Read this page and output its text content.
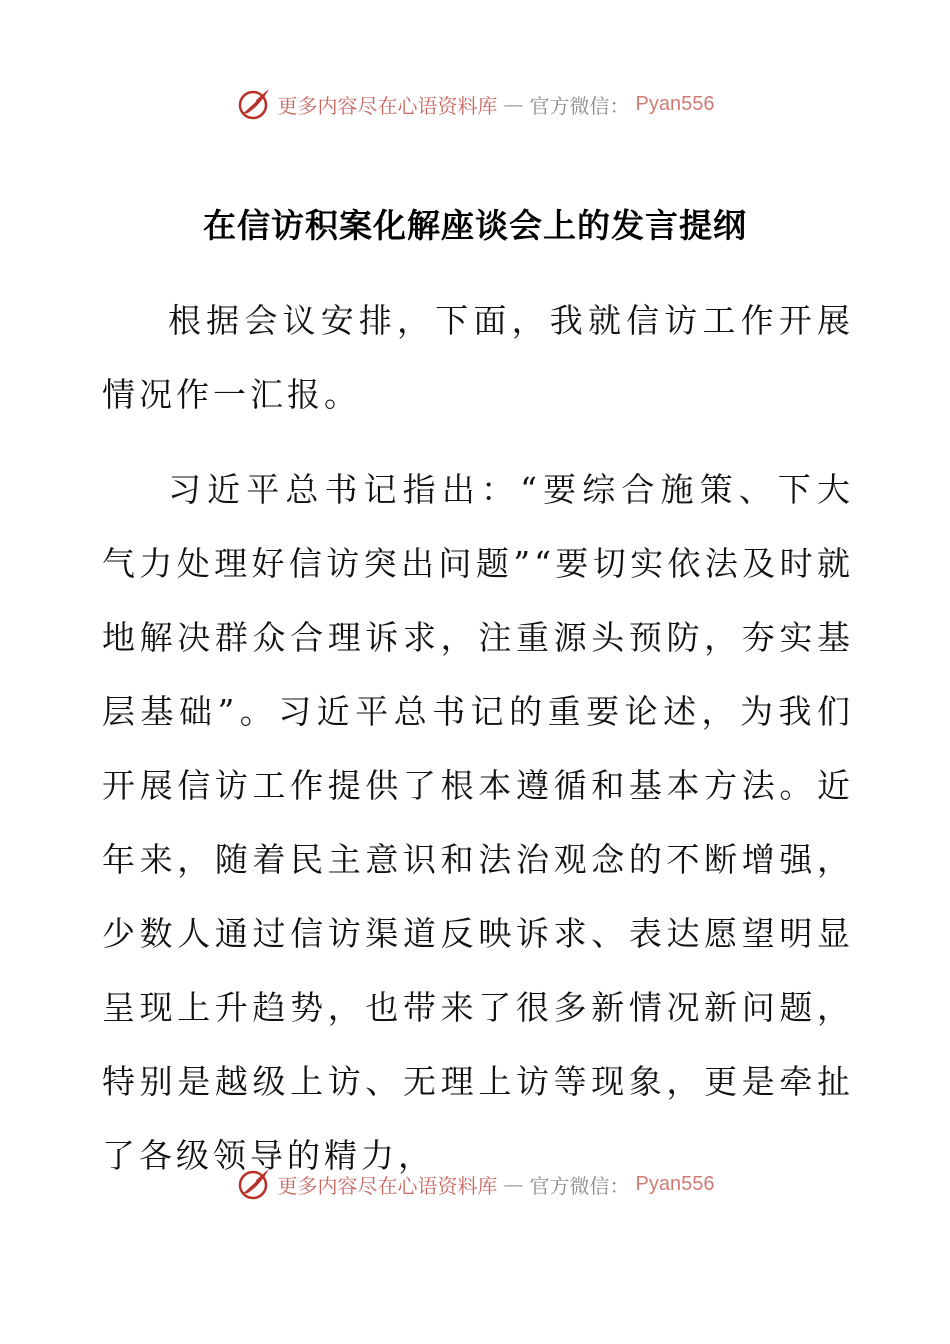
更多内容尽在心语资料库 — 官方微信： Pyan556
在信访积案化解座谈会上的发言提纲

根据会议安排，下面，我就信访工作开展情况作一汇报。

习近平总书记指出：“要综合施策、下大气力处理好信访突出问题”“要切实依法及时就地解决群众合理诉求，注重源头预防，夯实基层基础”。习近平总书记的重要论述，为我们开展信访工作提供了根本遵循和基本方法。近年来，随着民主意识和法治观念的不断增强，少数人通过信访渠道反映诉求、表达愿望明显呈现上升趋势，也带来了很多新情况新问题，特别是越级上访、无理上访等现象，更是牵扯了各级领导的精力，

更多内容尽在心语资料库 — 官方微信： Pyan556
